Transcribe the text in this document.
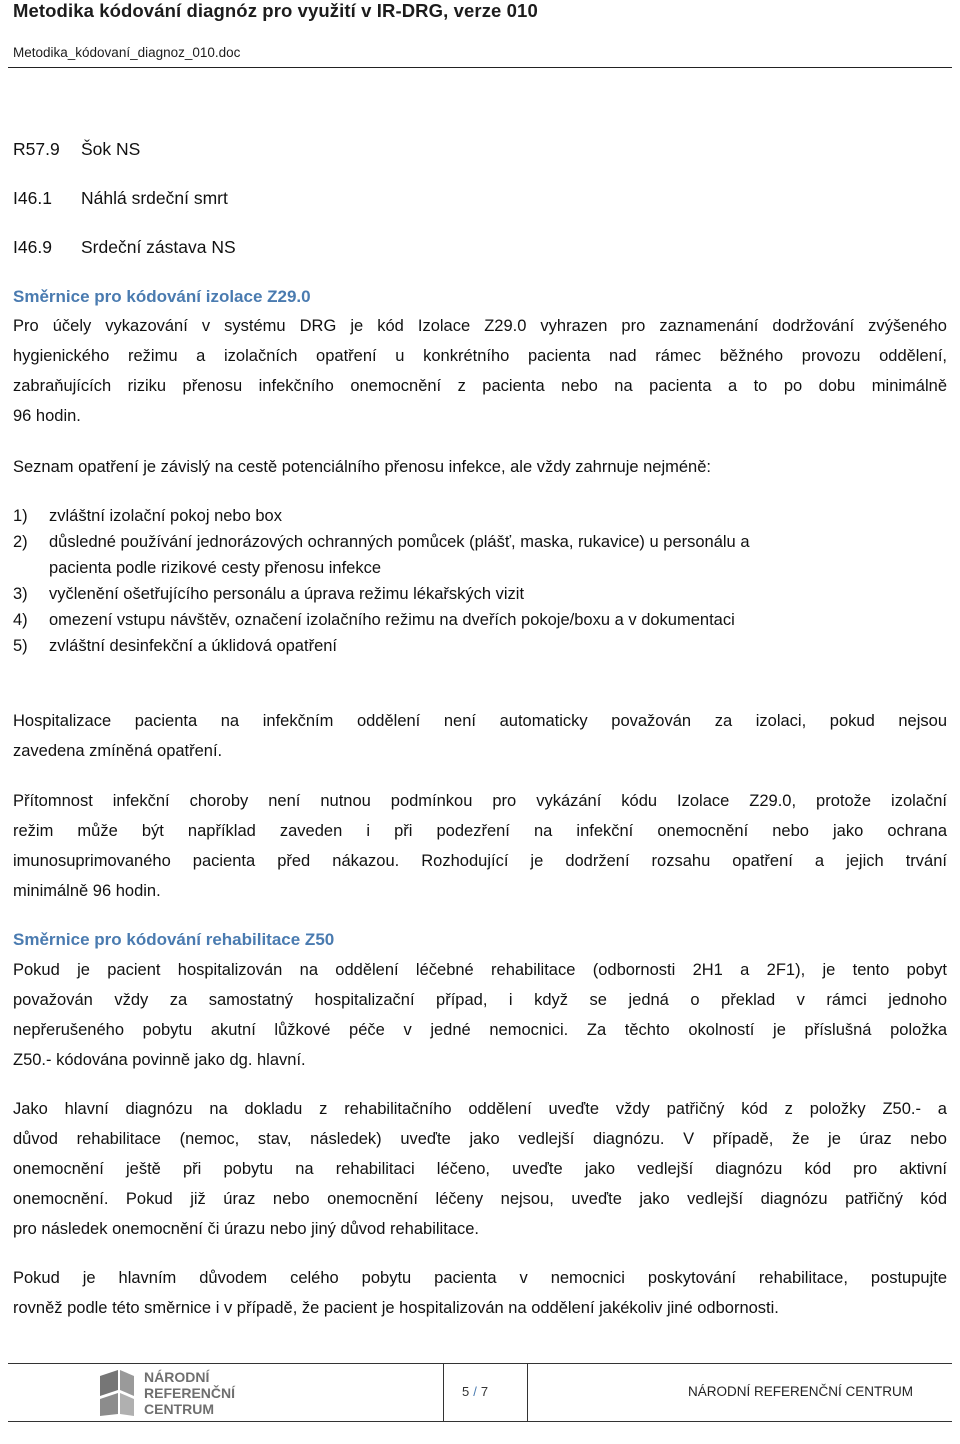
Metodika kódování diagnóz pro využití v IR-DRG, verze 010
Metodika_kódovaní_diagnoz_010.doc
R57.9 Šok NS
I46.1 Náhlá srdeční smrt
I46.9 Srdeční zástava NS
Směrnice pro kódování izolace Z29.0
Pro účely vykazování v systému DRG je kód Izolace Z29.0 vyhrazen pro zaznamenání dodržování zvýšeného
hygienického režimu a izolačních opatření u konkrétního pacienta nad rámec běžného provozu oddělení,
zabraňujících riziku přenosu infekčního onemocnění z pacienta nebo na pacienta a to po dobu minimálně
96 hodin.
Seznam opatření je závislý na cestě potenciálního přenosu infekce, ale vždy zahrnuje nejméně:
1) zvláštní izolační pokoj nebo box
2) důsledné používání jednorázových ochranných pomůcek (plášť, maska, rukavice) u personálu a
pacienta podle rizikové cesty přenosu infekce
3) vyčlenění ošetřujícího personálu a úprava režimu lékařských vizit
4) omezení vstupu návštěv, označení izolačního režimu na dveřích pokoje/boxu a v dokumentaci
5) zvláštní desinfekční a úklidová opatření
Hospitalizace pacienta na infekčním oddělení není automaticky považován za izolaci, pokud nejsou
zavedena zmíněná opatření.
Přítomnost infekční choroby není nutnou podmínkou pro vykázání kódu Izolace Z29.0, protože izolační
režim může být například zaveden i při podezření na infekční onemocnění nebo jako ochrana
imunosuprimovaného pacienta před nákazou. Rozhodující je dodržení rozsahu opatření a jejich trvání
minimálně 96 hodin.
Směrnice pro kódování rehabilitace Z50
Pokud je pacient hospitalizován na oddělení léčebné rehabilitace (odbornosti 2H1 a 2F1), je tento pobyt
považován vždy za samostatný hospitalizační případ, i když se jedná o překlad v rámci jednoho
nepřerušeného pobytu akutní lůžkové péče v jedné nemocnici. Za těchto okolností je příslušná položka
Z50.- kódována povinně jako dg. hlavní.
Jako hlavní diagnózu na dokladu z rehabilitačního oddělení uveďte vždy patřičný kód z položky Z50.- a
důvod rehabilitace (nemoc, stav, následek) uveďte jako vedlejší diagnózu. V případě, že je úraz nebo
onemocnění ještě při pobytu na rehabilitaci léčeno, uveďte jako vedlejší diagnózu kód pro aktivní
onemocnění. Pokud již úraz nebo onemocnění léčeny nejsou, uveďte jako vedlejší diagnózu patřičný kód
pro následek onemocnění či úrazu nebo jiný důvod rehabilitace.
Pokud je hlavním důvodem celého pobytu pacienta v nemocnici poskytování rehabilitace, postupujte
rovněž podle této směrnice i v případě, že pacient je hospitalizován na oddělení jakékoliv jiné odbornosti.
NÁRODNÍ
REFERENČNÍ
CENTRUM
5 / 7	NÁRODNÍ REFERENČNÍ CENTRUM
